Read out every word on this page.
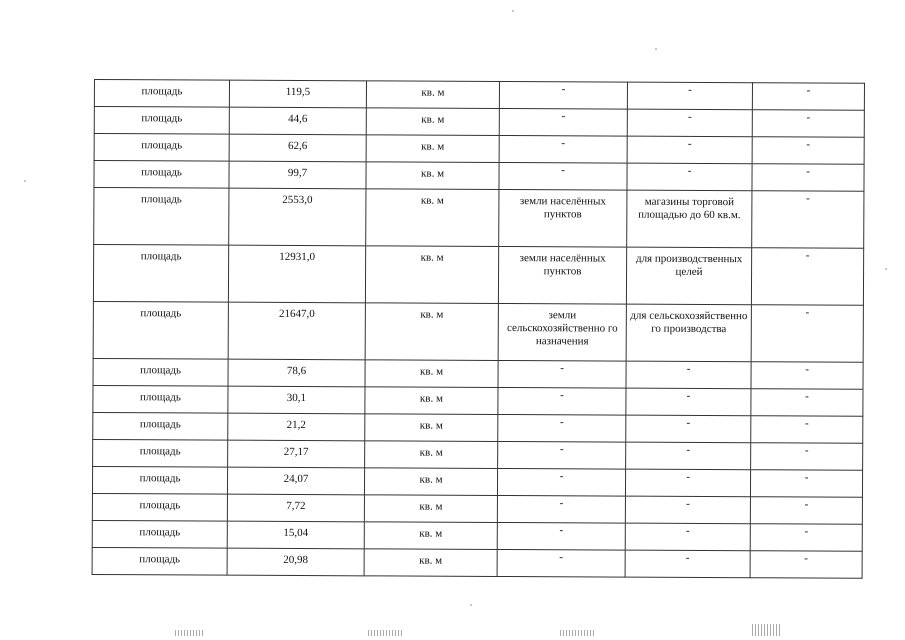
площадь	119,5	кв. м	-	-	-
площадь	44,6	кв. м	-	-	-
площадь	62,6	кв. м	-	-	-
площадь	99,7	кв. м	-	-	-
площадь	2553,0	кв. м	земли населённых пунктов	магазины торговой площадью до 60 кв.м.	-
площадь	12931,0	кв. м	земли населённых пунктов	для производственных целей	-
площадь	21647,0	кв. м	земли сельскохозяйственно го назначения	для сельскохозяйственно го производства	-
площадь	78,6	кв. м	-	-	-
площадь	30,1	кв. м	-	-	-
площадь	21,2	кв. м	-	-	-
площадь	27,17	кв. м	-	-	-
площадь	24,07	кв. м	-	-	-
площадь	7,72	кв. м	-	-	-
площадь	15,04	кв. м	-	-	-
площадь	20,98	кв. м	-	-	-
